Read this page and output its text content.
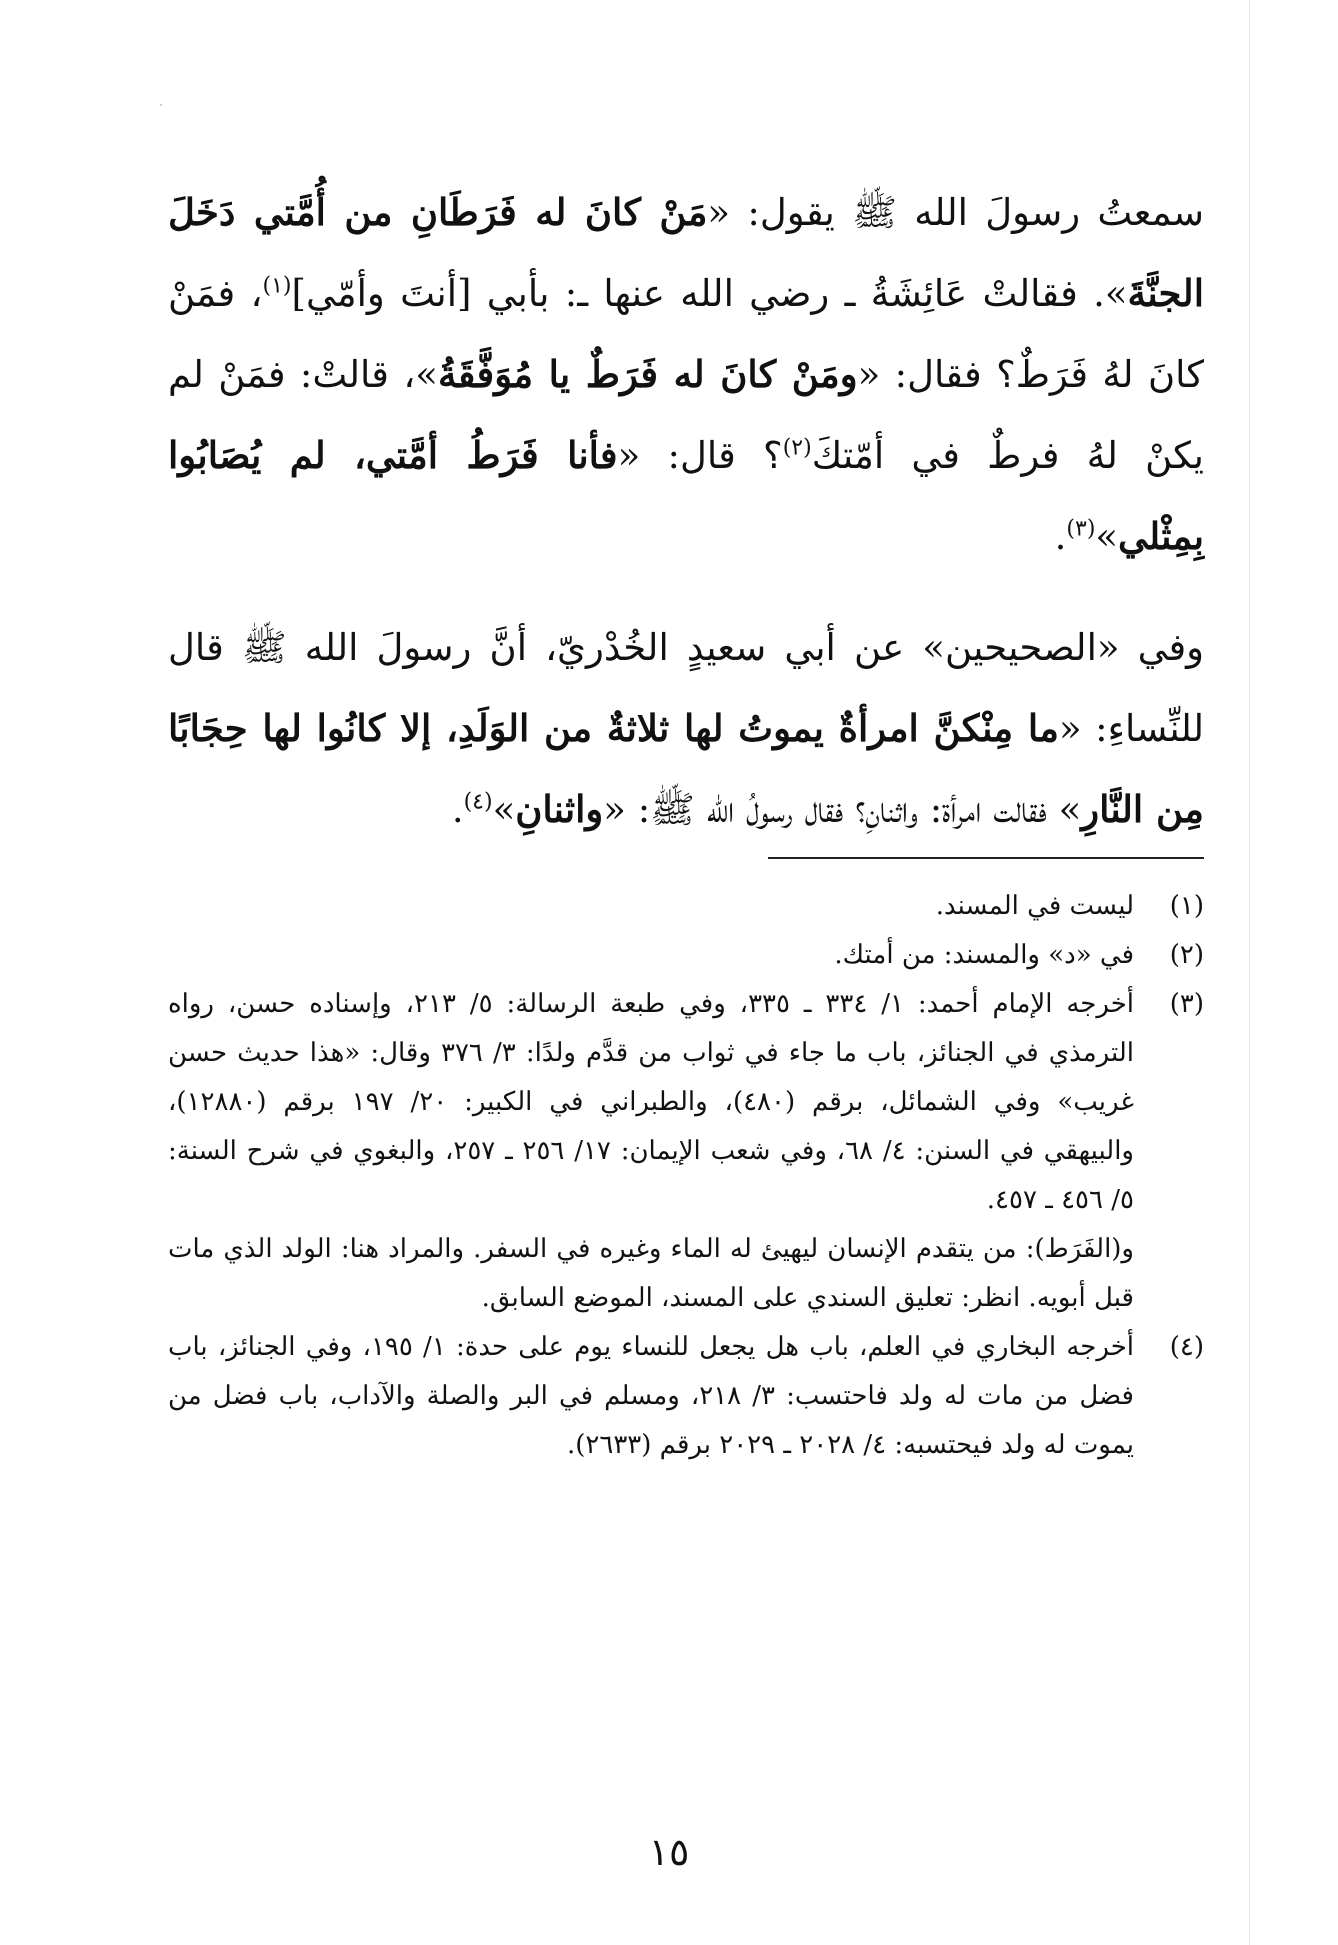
سمعتُ رسولَ الله ﷺ يقول: «مَنْ كانَ له فَرَطَانِ من أُمَّتي دَخَلَ الجنَّةَ». فقالتْ عَائِشَةُ ـ رضي الله عنها ـ: بأبي [أنتَ وأمّي]$^{(١)}$، فمَنْ كانَ لهُ فَرَطٌ؟ فقال: «ومَنْ كانَ له فَرَطٌ يا مُوَفَّقَةُ»، قالتْ: فمَنْ لم يكنْ لهُ فرطٌ في أمّتكَ$^{(٢)}$؟ قال: «فأنا فَرَطُ أمَّتي، لم يُصَابُوا بِمِثْلي»$^{(٣)}$.

وفي «الصحيحين» عن أبي سعيدٍ الخُدْريّ، أنَّ رسولَ الله ﷺ قال للنِّساءِ: «ما مِنْكنَّ امرأةٌ يموتُ لها ثلاثةٌ من الوَلَدِ، إلا كانُوا لها حِجَابًا مِن النَّارِ» فقالت امرأة: واثنانِ؟ فقال رسولُ الله ﷺ: «واثنانِ»$^{(٤)}$.

(١)

ليست في المسند.

(٢)

في «د» والمسند: من أمتك.

(٣)

أخرجه الإمام أحمد: ١/ ٣٣٤ ـ ٣٣٥، وفي طبعة الرسالة: ٥/ ٢١٣، وإسناده حسن، رواه الترمذي في الجنائز، باب ما جاء في ثواب من قدَّم ولدًا: ٣/ ٣٧٦ وقال: «هذا حديث حسن غريب» وفي الشمائل، برقم (٤٨٠)، والطبراني في الكبير: ٢٠/ ١٩٧ برقم (١٢٨٨٠)، والبيهقي في السنن: ٤/ ٦٨، وفي شعب الإيمان: ١٧/ ٢٥٦ ـ ٢٥٧، والبغوي في شرح السنة: ٥/ ٤٥٦ ـ ٤٥٧.

و(الفَرَط): من يتقدم الإنسان ليهيئ له الماء وغيره في السفر. والمراد هنا: الولد الذي مات قبل أبويه. انظر: تعليق السندي على المسند، الموضع السابق.

(٤)

أخرجه البخاري في العلم، باب هل يجعل للنساء يوم على حدة: ١/ ١٩٥، وفي الجنائز، باب فضل من مات له ولد فاحتسب: ٣/ ٢١٨، ومسلم في البر والصلة والآداب، باب فضل من يموت له ولد فيحتسبه: ٤/ ٢٠٢٨ ـ ٢٠٢٩ برقم (٢٦٣٣).

١٥
